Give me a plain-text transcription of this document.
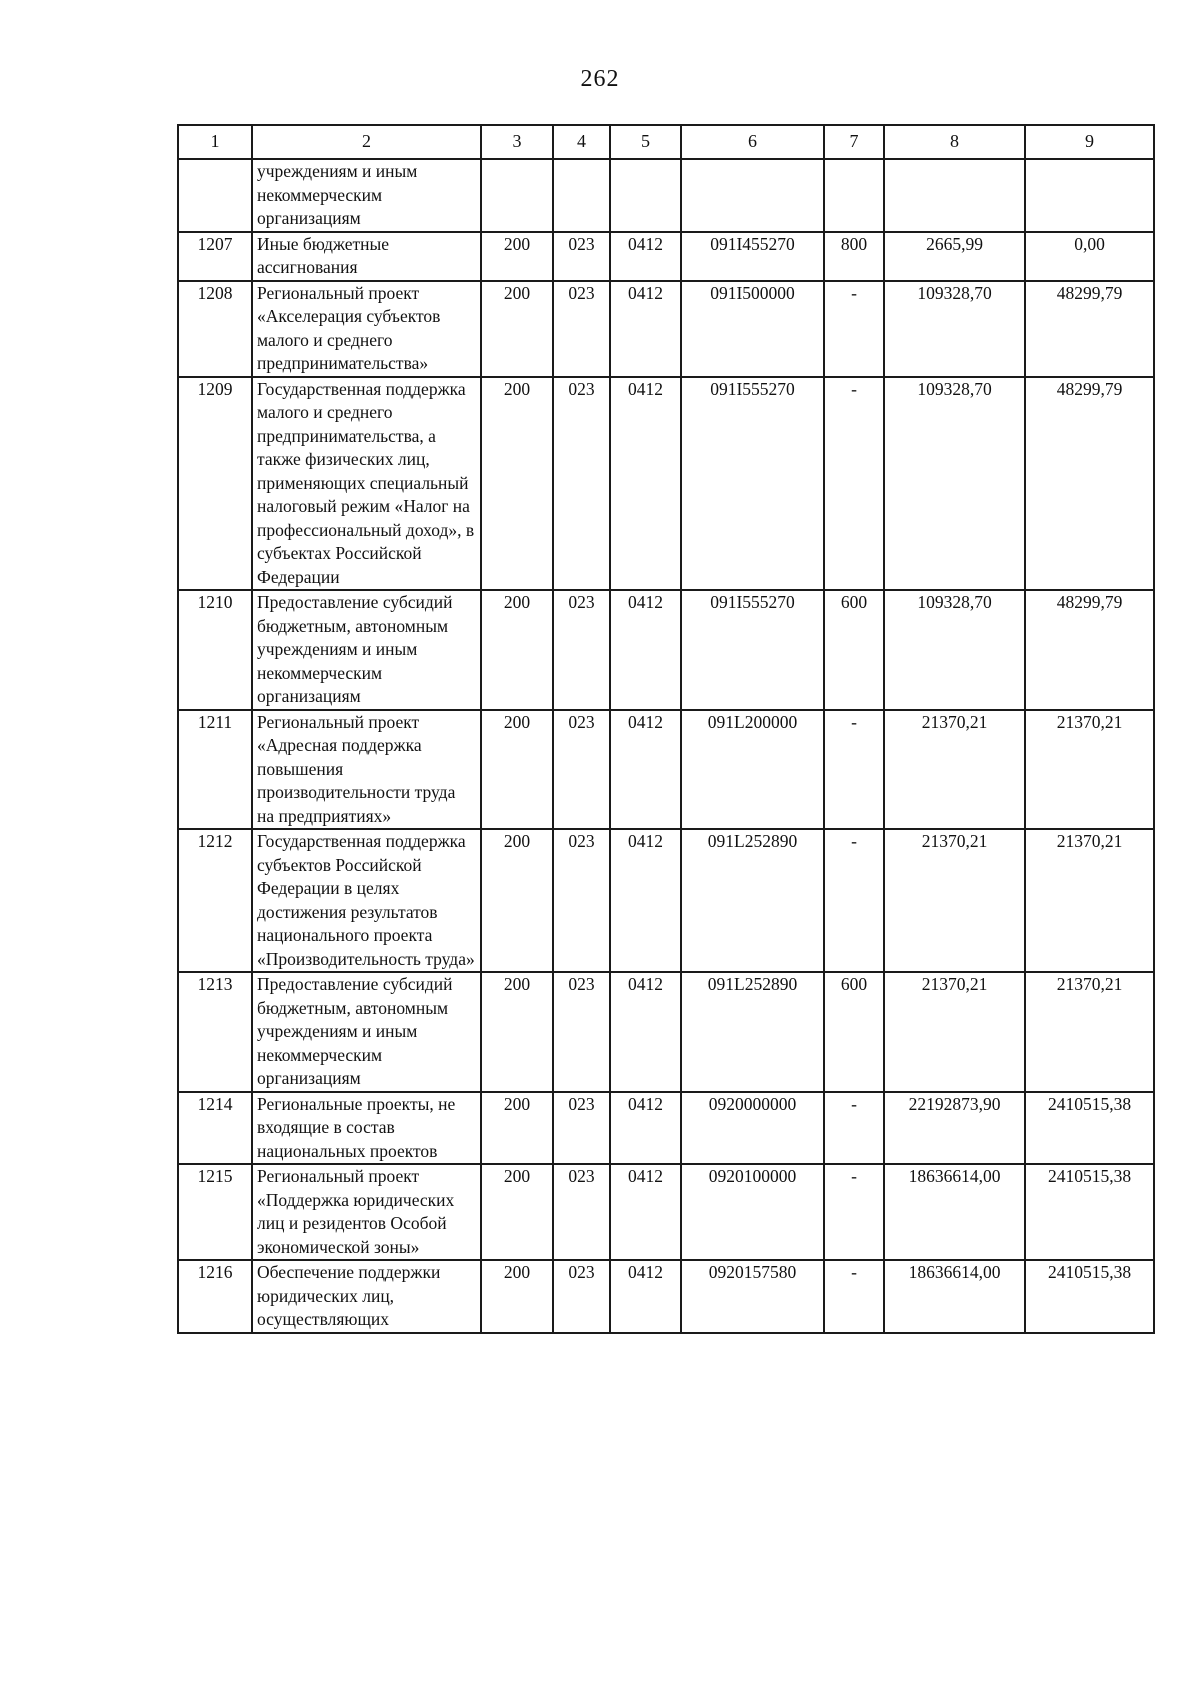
262
1	2	3	4	5	6	7	8	9
	учреждениям и иным некоммерческим организациям							
1207	Иные бюджетные ассигнования	200	023	0412	091I455270	800	2665,99	0,00
1208	Региональный проект «Акселерация субъектов малого и среднего предпринимательства»	200	023	0412	091I500000	-	109328,70	48299,79
1209	Государственная поддержка малого и среднего предпринимательства, а также физических лиц, применяющих специальный налоговый режим «Налог на профессиональный доход», в субъектах Российской Федерации	200	023	0412	091I555270	-	109328,70	48299,79
1210	Предоставление субсидий бюджетным, автономным учреждениям и иным некоммерческим организациям	200	023	0412	091I555270	600	109328,70	48299,79
1211	Региональный проект «Адресная поддержка повышения производительности труда на предприятиях»	200	023	0412	091L200000	-	21370,21	21370,21
1212	Государственная поддержка субъектов Российской Федерации в целях достижения результатов национального проекта «Производительность труда»	200	023	0412	091L252890	-	21370,21	21370,21
1213	Предоставление субсидий бюджетным, автономным учреждениям и иным некоммерческим организациям	200	023	0412	091L252890	600	21370,21	21370,21
1214	Региональные проекты, не входящие в состав национальных проектов	200	023	0412	0920000000	-	22192873,90	2410515,38
1215	Региональный проект «Поддержка юридических лиц и резидентов Особой экономической зоны»	200	023	0412	0920100000	-	18636614,00	2410515,38
1216	Обеспечение поддержки юридических лиц, осуществляющих	200	023	0412	0920157580	-	18636614,00	2410515,38
